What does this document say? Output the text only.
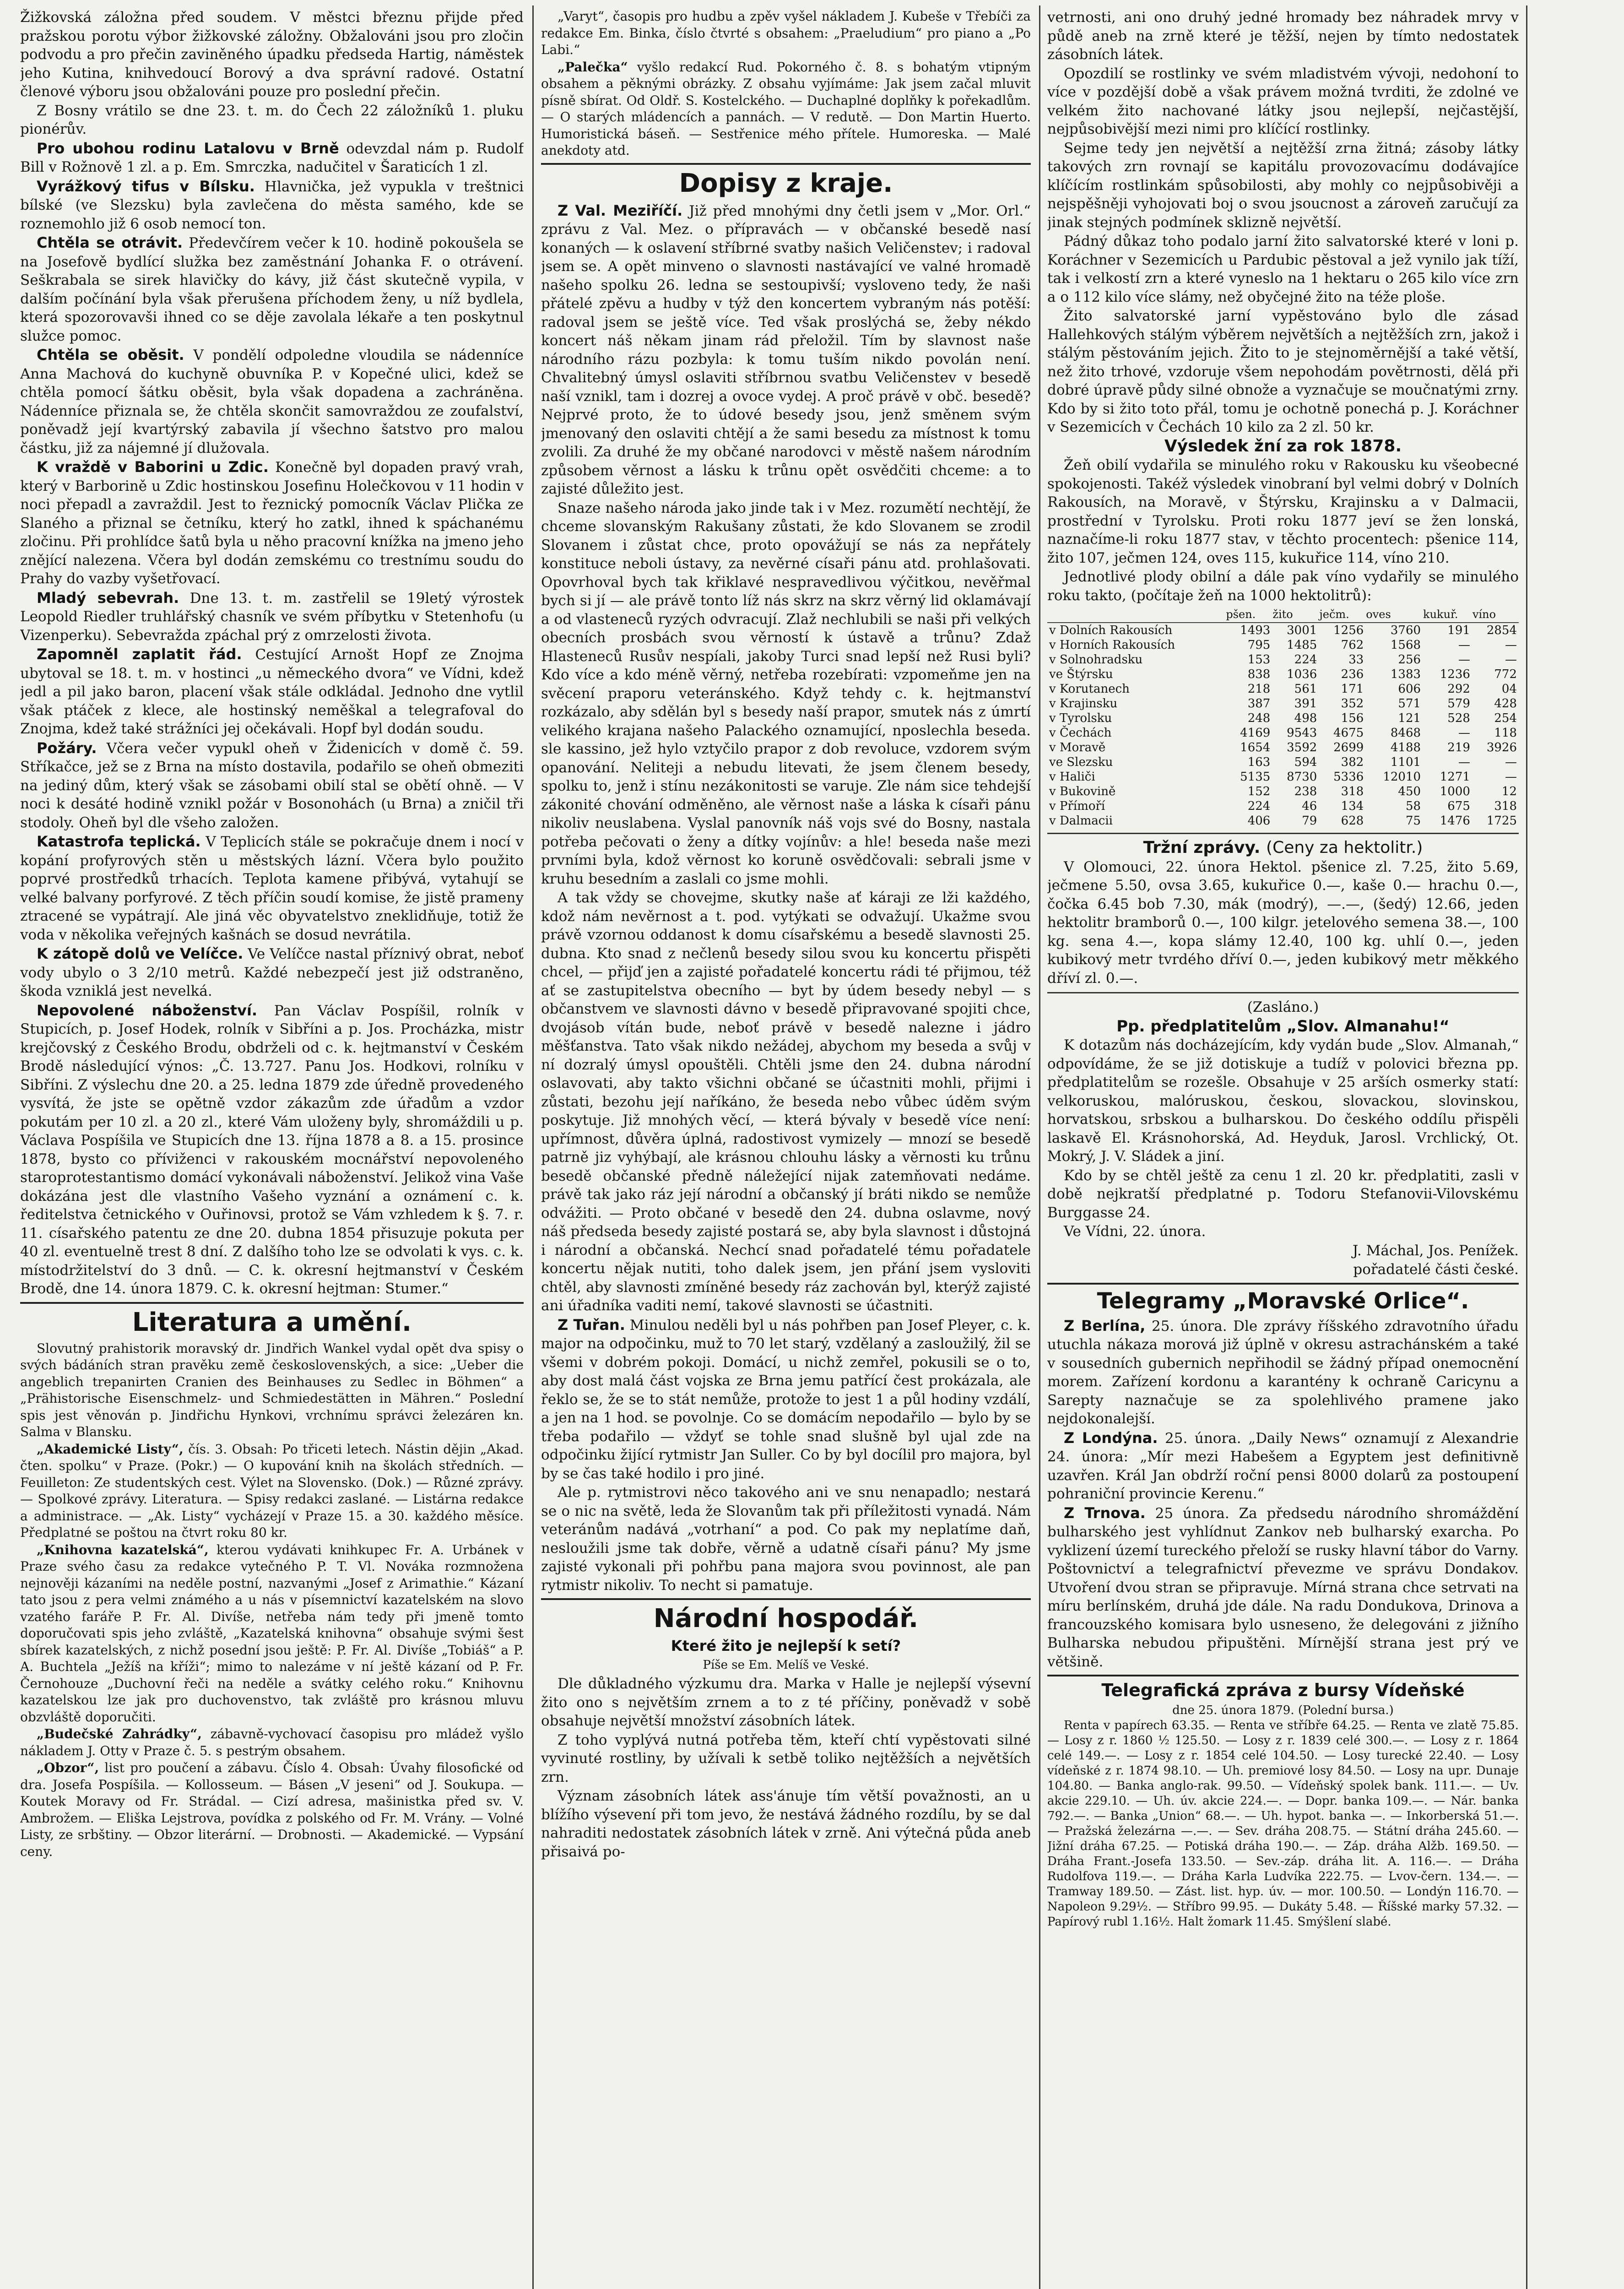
Žižkovská záložna před soudem. V městci březnu přijde před pražskou porotu výbor žižkovské záložny. Obžalováni jsou pro zločin podvodu a pro přečin zaviněného úpadku předseda Hartig, náměstek jeho Kutina, knihvedoucí Borový a dva správní radové. Ostatní členové výboru jsou obžalováni pouze pro poslední přečin.

Z Bosny vrátilo se dne 23. t. m. do Čech 22 záložníků 1. pluku pionérův.

Pro ubohou rodinu Latalovu v Brně odevzdal nám p. Rudolf Bill v Rožnově 1 zl. a p. Em. Smrczka, nadučitel v Šaraticích 1 zl.

Vyrážkový tifus v Bílsku. Hlavnička, jež vypukla v treštnici bílské (ve Slezsku) byla zavlečena do města samého, kde se roznemohlo již 6 osob nemocí ton.

Chtěla se otrávit. Předevčírem večer k 10. hodině pokoušela se na Josefově bydlící služka bez zaměstnání Johanka F. o otrávení. Seškrabala se sirek hlavičky do kávy, již část skutečně vypila, v dalším počínání byla však přerušena příchodem ženy, u níž bydlela, která spozorovavši ihned co se děje zavolala lékaře a ten poskytnul služce pomoc.

Chtěla se oběsit. V pondělí odpoledne vloudila se nádenníce Anna Machová do kuchyně obuvníka P. v Kopečné ulici, kdež se chtěla pomocí šátku oběsit, byla však dopadena a zachráněna. Nádenníce přiznala se, že chtěla skončit samovraždou ze zoufalství, poněvadž její kvartýrský zabavila jí všechno šatstvo pro malou částku, již za nájemné jí dlužovala.

K vraždě v Baborini u Zdic. Konečně byl dopaden pravý vrah, který v Barborině u Zdic hostinskou Josefinu Holečkovou v 11 hodin v noci přepadl a zavraždil. Jest to řeznický pomocník Václav Plička ze Slaného a přiznal se četníku, který ho zatkl, ihned k spáchanému zločinu. Při prohlídce šatů byla u něho pracovní knížka na jmeno jeho znějící nalezena. Včera byl dodán zemskému co trestnímu soudu do Prahy do vazby vyšetřovací.

Mladý sebevrah. Dne 13. t. m. zastřelil se 19letý výrostek Leopold Riedler truhlářský chasník ve svém příbytku v Stetenhofu (u Vizenperku). Sebevražda zpáchal prý z omrzelosti života.

Zapomněl zaplatit řád. Cestující Arnošt Hopf ze Znojma ubytoval se 18. t. m. v hostinci „u německého dvora“ ve Vídni, kdež jedl a pil jako baron, placení však stále odkládal. Jednoho dne vytlil však ptáček z klece, ale hostinský neměškal a telegrafoval do Znojma, kdež také strážníci jej očekávali. Hopf byl dodán soudu.

Požáry. Včera večer vypukl oheň v Židenicích v domě č. 59. Stříkačce, jež se z Brna na místo dostavila, podařilo se oheň obmeziti na jediný dům, který však se zásobami obilí stal se obětí ohně. — V noci k desáté hodině vznikl požár v Bosonohách (u Brna) a zničil tři stodoly. Oheň byl dle všeho založen.

Katastrofa teplická. V Teplicích stále se pokračuje dnem i nocí v kopání profyrových stěn u městských lázní. Včera bylo použito poprvé prostředků trhacích. Teplota kamene přibývá, vytahují se velké balvany porfyrové. Z těch příčin soudí komise, že jistě prameny ztracené se vypátrají. Ale jiná věc obyvatelstvo zneklidňuje, totiž že voda v několika veřejných kašnách se dosud nevrátila.

K zátopě dolů ve Velíčce. Ve Velíčce nastal příznivý obrat, neboť vody ubylo o 3 2/10 metrů. Každé nebezpečí jest již odstraněno, škoda vzniklá jest nevelká.

Nepovolené náboženství. Pan Václav Pospíšil, rolník v Stupicích, p. Josef Hodek, rolník v Sibříni a p. Jos. Procházka, mistr krejčovský z Českého Brodu, obdrželi od c. k. hejtmanství v Českém Brodě následující výnos: „Č. 13.727. Panu Jos. Hodkovi, rolníku v Sibříni. Z výslechu dne 20. a 25. ledna 1879 zde úředně provedeného vysvítá, že jste se opětně vzdor zákazům zde úřadům a vzdor pokutám per 10 zl. a 20 zl., které Vám uloženy byly, shromáždili u p. Václava Pospíšila ve Stupicích dne 13. října 1878 a 8. a 15. prosince 1878, bysto co příviženci v rakouském mocnářství nepovoleného staroprotestantismo domácí vykonávali náboženství. Jelikož vina Vaše dokázána jest dle vlastního Vašeho vyznání a oznámení c. k. ředitelstva četnického v Ouřinovsi, protož se Vám vzhledem k §. 7. r. 11. císařského patentu ze dne 20. dubna 1854 přisuzuje pokuta per 40 zl. eventuelně trest 8 dní. Z dalšího toho lze se odvolati k vys. c. k. místodržitelství do 3 dnů. — C. k. okresní hejtmanství v Českém Brodě, dne 14. února 1879. C. k. okresní hejtman: Stumer.“

Literatura a umění.

Slovutný prahistorik moravský dr. Jindřich Wankel vydal opět dva spisy o svých bádáních stran pravěku země československých, a sice: „Ueber die angeblich trepanirten Cranien des Beinhauses zu Sedlec in Böhmen“ a „Prähistorische Eisenschmelz- und Schmiedestätten in Mähren.“ Poslední spis jest věnován p. Jindřichu Hynkovi, vrchnímu správci železáren kn. Salma v Blansku.

„Akademické Listy“, čís. 3. Obsah: Po třiceti letech. Nástin dějin „Akad. čten. spolku“ v Praze. (Pokr.) — O kupování knih na školách středních. — Feuilleton: Ze studentských cest. Výlet na Slovensko. (Dok.) — Různé zprávy. — Spolkové zprávy. Literatura. — Spisy redakci zaslané. — Listárna redakce a administrace. — „Ak. Listy“ vycházejí v Praze 15. a 30. každého měsíce. Předplatné se poštou na čtvrt roku 80 kr.

„Knihovna kazatelská“, kterou vydávati knihkupec Fr. A. Urbánek v Praze svého času za redakce vytečného P. T. Vl. Nováka rozmnožena nejnověji kázaními na neděle postní, nazvanými „Josef z Arimathie.“ Kázaní tato jsou z pera velmi známého a u nás v písemnictví kazatelském na slovo vzatého faráře P. Fr. Al. Divíše, netřeba nám tedy při jmeně tomto doporučovati spis jeho zvláště, „Kazatelská knihovna“ obsahuje svými šest sbírek kazatelských, z nichž posední jsou ještě: P. Fr. Al. Divíše „Tobiáš“ a P. A. Buchtela „Ježíš na kříži“; mimo to nalezáme v ní ještě kázaní od P. Fr. Černohouze „Duchovní řeči na neděle a svátky celého roku.“ Knihovnu kazatelskou lze jak pro duchovenstvo, tak zvláště pro krásnou mluvu obzvláště doporučiti.

„Budečské Zahrádky“, zábavně-vychovací časopisu pro mládež vyšlo nákladem J. Otty v Praze č. 5. s pestrým obsahem.

„Obzor“, list pro poučení a zábavu. Číslo 4. Obsah: Úvahy filosofické od dra. Josefa Pospíšila. — Kollosseum. — Básen „V jeseni“ od J. Soukupa. — Koutek Moravy od Fr. Strádal. — Cizí adresa, mašinistka před sv. V. Ambrožem. — Eliška Lejstrova, povídka z polského od Fr. M. Vrány. — Volné Listy, ze srbštiny. — Obzor literární. — Drobnosti. — Akademické. — Vypsání ceny.

„Varyt“, časopis pro hudbu a zpěv vyšel nákladem J. Kubeše v Třebíči za redakce Em. Binka, číslo čtvrté s obsahem: „Praeludium“ pro piano a „Po Labi.“

„Palečka“ vyšlo redakcí Rud. Pokorného č. 8. s bohatým vtipným obsahem a pěknými obrázky. Z obsahu vyjímáme: Jak jsem začal mluvit písně sbírat. Od Oldř. S. Kostelckého. — Duchaplné doplňky k pořekadlům. — O starých mládencích a pannách. — V redutě. — Don Martin Huerto. Humoristická báseň. — Sestřenice mého přítele. Humoreska. — Malé anekdoty atd.

Dopisy z kraje.

Z Val. Meziříčí. Již před mnohými dny četli jsem v „Mor. Orl.“ zprávu z Val. Mez. o přípravách — v občanské besedě nasí konaných — k oslavení stříbrné svatby našich Veličenstev; i radoval jsem se. A opět minveno o slavnosti nastávající ve valné hromadě našeho spolku 26. ledna se sestoupivší; vysloveno tedy, že naši přátelé zpěvu a hudby v týž den koncertem vybraným nás potěší: radoval jsem se ještě více. Ted však proslýchá se, žeby nékdo koncert náš někam jinam rád přeložil. Tím by slavnost naše národního rázu pozbyla: k tomu tuším nikdo povolán není. Chvalitebný úmysl oslaviti stříbrnou svatbu Veličenstev v besedě naší vznikl, tam i dozrej a ovoce vydej. A proč právě v obč. besedě? Nejprvé proto, že to údové besedy jsou, jenž směnem svým jmenovaný den oslaviti chtějí a že sami besedu za místnost k tomu zvolili. Za druhé že my občané narodovci v městě našem národním způsobem věrnost a lásku k trůnu opět osvědčiti chceme: a to zajisté důležito jest.

Snaze našeho národa jako jinde tak i v Mez. rozumětí nechtějí, že chceme slovanským Rakušany zůstati, že kdo Slovanem se zrodil Slovanem i zůstat chce, proto opovážují se nás za nepřátely konstituce neboli ústavy, za nevěrné císaři pánu atd. prohlašovati. Opovrhoval bych tak křiklavé nespravedlivou výčitkou, nevěřmal bych si jí — ale právě tonto líž nás skrz na skrz věrný lid oklamávají a od vlasteneců ryzých odvracují. Zlaž nechlubili se naši při velkých obecních prosbách svou věrností k ústavě a trůnu? Zdaž Hlasteneců Rusův nespíali, jakoby Turci snad lepší než Rusi byli? Kdo více a kdo méně věrný, netřeba rozebírati: vzpomeňme jen na svěcení praporu veteránského. Když tehdy c. k. hejtmanství rozkázalo, aby sdělán byl s besedy naší prapor, smutek nás z úmrtí velikého krajana našeho Palackého oznamující, nposlechla beseda. sle kassino, jež hylo vztyčilo prapor z dob revoluce, vzdorem svým opanování. Neliteji a nebudu litevati, že jsem členem besedy, spolku to, jenž i stínu nezákonitosti se varuje. Zle nám sice tehdejší zákonité chování odměněno, ale věrnost naše a láska k císaři pánu nikoliv neuslabena. Vyslal panovník náš vojs své do Bosny, nastala potřeba pečovati o ženy a dítky vojínův: a hle! beseda naše mezi prvními byla, kdož věrnost ko koruně osvědčovali: sebrali jsme v kruhu besedním a zaslali co jsme mohli.

A tak vždy se chovejme, skutky naše ať káraji ze lži každého, kdož nám nevěrnost a t. pod. vytýkati se odvažují. Ukažme svou právě vzornou oddanost k domu císařskému a besedě slavnosti 25. dubna. Kto snad z nečlenů besedy silou svou ku koncertu přispěti chcel, — přijď jen a zajisté pořadatelé koncertu rádi té přijmou, též ať se zastupitelstva obecního — byt by údem besedy nebyl — s občanstvem ve slavnosti dávno v besedě připravované spojiti chce, dvojásob vítán bude, neboť právě v besedě nalezne i jádro měšťanstva. Tato však nikdo nežádej, abychom my beseda a svůj v ní dozralý úmysl opouštěli. Chtěli jsme den 24. dubna národní oslavovati, aby takto všichni občané se účastniti mohli, přijmi i zůstati, bezohu její naříkáno, že beseda nebo vůbec úděm svým poskytuje. Již mnohých věcí, — která bývaly v besedě více není: upřímnost, důvěra úplná, radostivost vymizely — mnozí se besedě patrně jiz vyhýbají, ale krásnou chlouhu lásky a věrnosti ku trůnu besedě občanské předně náležející nijak zatemňovati nedáme. právě tak jako ráz její národní a občanský jí bráti nikdo se nemůže odvážiti. — Proto občané v besedě den 24. dubna oslavme, nový náš předseda besedy zajisté postará se, aby byla slavnost i důstojná i národní a občanská. Nechcí snad pořadatelé tému pořadatele koncertu nějak nutiti, toho dalek jsem, jen přání jsem vysloviti chtěl, aby slavnosti zmíněné besedy ráz zachován byl, kterýž zajisté ani úřadníka vaditi nemí, takové slavnosti se účastniti.

Z Tuřan. Minulou neděli byl u nás pohřben pan Josef Pleyer, c. k. major na odpočinku, muž to 70 let starý, vzdělaný a zasloužilý, žil se všemi v dobrém pokoji. Domácí, u nichž zemřel, pokusili se o to, aby dost malá část vojska ze Brna jemu patřící čest prokázala, ale řeklo se, že se to stát nemůže, protože to jest 1 a půl hodiny vzdálí, a jen na 1 hod. se povolnje. Co se domácím nepodařilo — bylo by se třeba podařilo — vždyť se tohle snad slušně byl ujal zde na odpočinku žijící rytmistr Jan Suller. Co by byl docílil pro majora, byl by se čas také hodilo i pro jiné.

Ale p. rytmistrovi něco takového ani ve snu nenapadlo; nestará se o nic na světě, leda že Slovanům tak při příležitosti vynadá. Nám veteránům nadává „votrhaní“ a pod. Co pak my neplatíme daň, nesloužili jsme tak dobře, věrně a udatně císaři pánu? My jsme zajisté vykonali při pohřbu pana majora svou povinnost, ale pan rytmistr nikoliv. To necht si pamatuje.

Národní hospodář.

Které žito je nejlepší k setí?

Píše se Em. Melíš ve Veské.

Dle důkladného výzkumu dra. Marka v Halle je nejlepší výsevní žito ono s největším zrnem a to z té příčiny, poněvadž v sobě obsahuje největší množství zásobních látek.

Z toho vyplývá nutná potřeba těm, kteří chtí vypěstovati silné vyvinuté rostliny, by užívali k setbě toliko nejtěžších a největších zrn.

Význam zásobních látek ass'ánuje tím větší považnosti, an u blížího výsevení při tom jevo, že nestává žádného rozdílu, by se dal nahraditi nedostatek zásobních látek v zrně. Ani výtečná půda aneb přisaivá po-

vetrnosti, ani ono druhý jedné hromady bez náhradek mrvy v půdě aneb na zrně které je těžší, nejen by tímto nedostatek zásobních látek.

Opozdilí se rostlinky ve svém mladistvém vývoji, nedohoní to více v pozdější době a však právem možná tvrditi, že zdolné ve velkém žito nachované látky jsou nejlepší, nejčastější, nejpůsobivější mezi nimi pro klíčící rostlinky.

Sejme tedy jen největší a nejtěžší zrna žitná; zásoby látky takových zrn rovnají se kapitálu provozovacímu dodávajíce klíčícím rostlinkám spůsobilosti, aby mohly co nejpůsobivěji a nejspěšněji vyhojovati boj o svou jsoucnost a zároveň zaručují za jinak stejných podmínek sklizně největší.

Pádný důkaz toho podalo jarní žito salvatorské které v loni p. Koráchner v Sezemicích u Pardubic pěstoval a jež vynilo jak tíží, tak i velkostí zrn a které vyneslo na 1 hektaru o 265 kilo více zrn a o 112 kilo více slámy, než obyčejné žito na téže ploše.

Žito salvatorské jarní vypěstováno bylo dle zásad Hallehkových stálým výběrem největších a nejtěžších zrn, jakož i stálým pěstováním jejich. Žito to je stejnoměrnější a také větší, než žito trhové, vzdoruje všem nepohodám povětrnosti, dělá při dobré úpravě půdy silné obnože a vyznačuje se moučnatými zrny. Kdo by si žito toto přál, tomu je ochotně ponechá p. J. Koráchner v Sezemicích v Čechách 10 kilo za 2 zl. 50 kr.

Výsledek žní za rok 1878.

Žeň obilí vydařila se minulého roku v Rakousku ku všeobecné spokojenosti. Takéž výsledek vinobraní byl velmi dobrý v Dolních Rakousích, na Moravě, v Štýrsku, Krajinsku a v Dalmacii, prostřední v Tyrolsku. Proti roku 1877 jeví se žen lonská, naznačíme-li roku 1877 stav, v těchto procentech: pšenice 114, žito 107, ječmen 124, oves 115, kukuřice 114, víno 210.

Jednotlivé plody obilní a dále pak víno vydařily se minulého roku takto, (počítaje žeň na 1000 hektolitrů):

	pšen.	žito	ječm.	oves	kukuř.	víno
v Dolních Rakousích	1493	3001	1256	3760	191	2854
v Horních Rakousích	795	1485	762	1568	—	—
v Solnohradsku	153	224	33	256	—	—
ve Štýrsku	838	1036	236	1383	1236	772
v Korutanech	218	561	171	606	292	04
v Krajinsku	387	391	352	571	579	428
v Tyrolsku	248	498	156	121	528	254
v Čechách	4169	9543	4675	8468	—	118
v Moravě	1654	3592	2699	4188	219	3926
ve Slezsku	163	594	382	1101	—	—
v Haliči	5135	8730	5336	12010	1271	—
v Bukovině	152	238	318	450	1000	12
v Přímoří	224	46	134	58	675	318
v Dalmacii	406	79	628	75	1476	1725

Tržní zprávy. (Ceny za hektolitr.)

V Olomouci, 22. února Hektol. pšenice zl. 7.25, žito 5.69, ječmene 5.50, ovsa 3.65, kukuřice 0.—, kaše 0.— hrachu 0.—, čočka 6.45 bob 7.30, mák (modrý), —.—, (šedý) 12.66, jeden hektolitr bramborů 0.—, 100 kilgr. jetelového semena 38.—, 100 kg. sena 4.—, kopa slámy 12.40, 100 kg. uhlí 0.—, jeden kubikový metr tvrdého dříví 0.—, jeden kubikový metr měkkého dříví zl. 0.—.

(Zasláno.)

Pp. předplatitelům „Slov. Almanahu!“

K dotazům nás docházejícím, kdy vydán bude „Slov. Almanah,“ odpovídáme, že se již dotiskuje a tudíž v polovici března pp. předplatitelům se rozešle. Obsahuje v 25 arších osmerky statí: velkoruskou, malóruskou, českou, slovackou, slovinskou, horvatskou, srbskou a bulharskou. Do českého oddílu přispěli laskavě El. Krásnohorská, Ad. Heyduk, Jarosl. Vrchlický, Ot. Mokrý, J. V. Sládek a jiní.

Kdo by se chtěl ještě za cenu 1 zl. 20 kr. předplatiti, zasli v době nejkratší předplatné p. Todoru Stefanovii-Vilovskému Burggasse 24.

Ve Vídni, 22. února.

J. Máchal, Jos. Penížek.

pořadatelé části české.

Telegramy „Moravské Orlice“.

Z Berlína, 25. února. Dle zprávy říšského zdravotního úřadu utuchla nákaza morová již úplně v okresu astrachánském a také v sousedních gubernich nepřihodil se žádný případ onemocnění morem. Zařízení kordonu a karantény k ochraně Caricynu a Sarepty naznačuje se za spolehlivého pramene jako nejdokonalejší.

Z Londýna. 25. února. „Daily News“ oznamují z Alexandrie 24. února: „Mír mezi Habešem a Egyptem jest definitivně uzavřen. Král Jan obdrží roční pensi 8000 dolarů za postoupení pohraniční provincie Kerenu.“

Z Trnova. 25 února. Za předsedu národního shromáždění bulharského jest vyhlídnut Zankov neb bulharský exarcha. Po vyklizení území tureckého přeloží se rusky hlavní tábor do Varny. Poštovnictví a telegrafnictví převezme ve správu Dondakov. Utvoření dvou stran se připravuje. Mírná strana chce setrvati na míru berlínském, druhá jde dále. Na radu Dondukova, Drinova a francouzského komisara bylo usneseno, že delegováni z jižního Bulharska nebudou připuštěni. Mírnější strana jest prý ve většině.

Telegrafická zpráva z bursy Vídeňské

dne 25. února 1879. (Polední bursa.)

Renta v papírech 63.35. — Renta ve stříbře 64.25. — Renta ve zlatě 75.85. — Losy z r. 1860 ½ 125.50. — Losy z r. 1839 celé 300.—. — Losy z r. 1864 celé 149.—. — Losy z r. 1854 celé 104.50. — Losy turecké 22.40. — Losy vídeňské z r. 1874 98.10. — Uh. premiové losy 84.50. — Losy na upr. Dunaje 104.80. — Banka anglo-rak. 99.50. — Vídeňský spolek bank. 111.—. — Uv. akcie 229.10. — Uh. úv. akcie 224.—. — Dopr. banka 109.—. — Nár. banka 792.—. — Banka „Union“ 68.—. — Uh. hypot. banka —. — Inkorberská 51.—. — Pražská železárna —.—. — Sev. dráha 208.75. — Státní dráha 245.60. — Jižní dráha 67.25. — Potiská dráha 190.—. — Záp. dráha Alžb. 169.50. — Dráha Frant.-Josefa 133.50. — Sev.-záp. dráha lit. A. 116.—. — Dráha Rudolfova 119.—. — Dráha Karla Ludvíka 222.75. — Lvov-čern. 134.—. — Tramway 189.50. — Zást. list. hyp. úv. — mor. 100.50. — Londýn 116.70. — Napoleon 9.29½. — Stříbro 99.95. — Dukáty 5.48. — Říšské marky 57.32. — Papírový rubl 1.16½. Halt žomark 11.45. Smýšlení slabé.
